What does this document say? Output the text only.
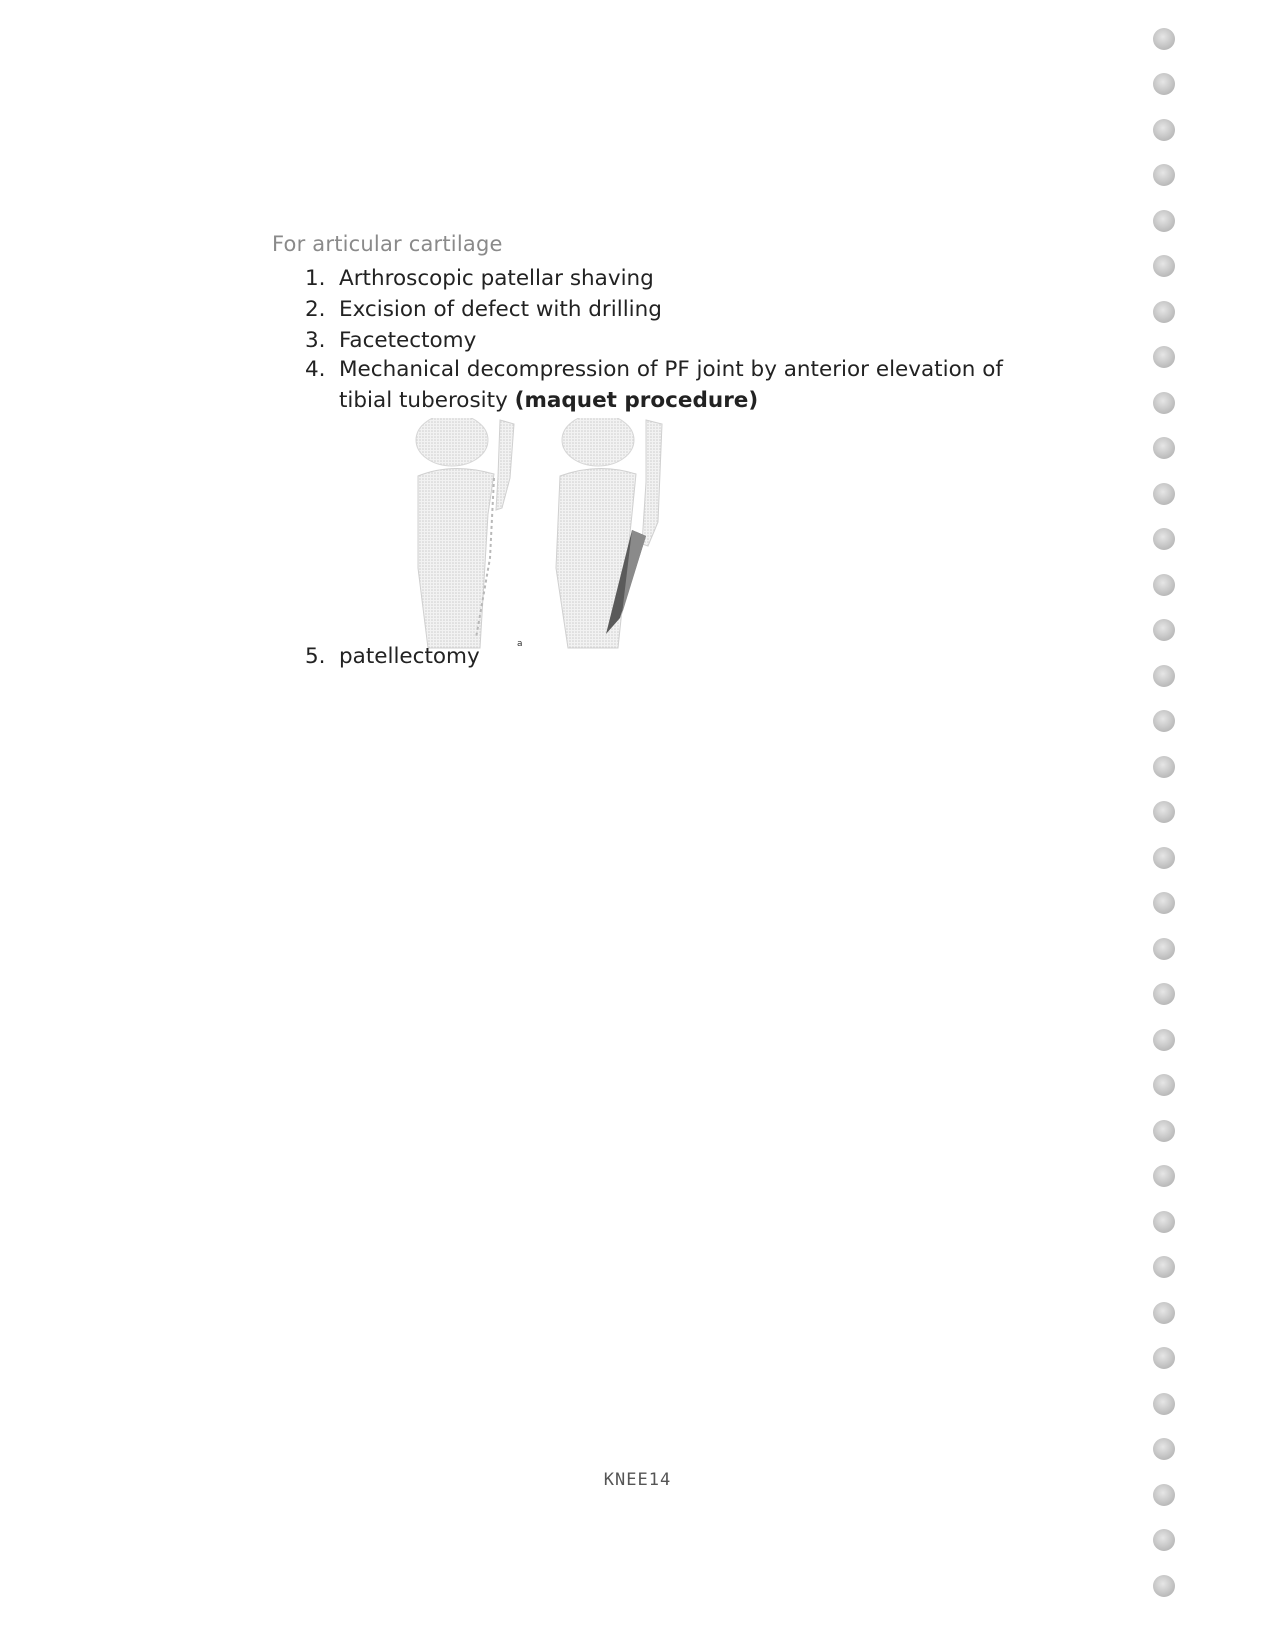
For articular cartilage
1. Arthroscopic patellar shaving
2. Excision of defect with drilling
3. Facetectomy
4. Mechanical decompression of PF joint by anterior elevation of tibial tuberosity (maquet procedure)
a
5. patellectomy
KNEE14
